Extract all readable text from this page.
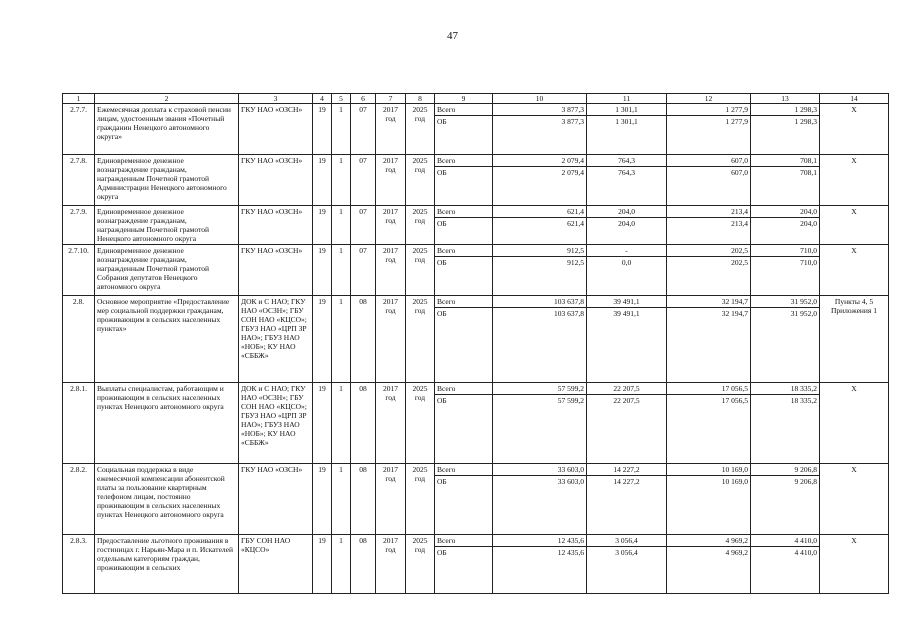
47
1	2	3	4	5	6	7	8	9	10	11	12	13	14
2.7.7.	Ежемесячная доплата к страховой пенсии лицам, удостоенным звания «Почетный гражданин Ненецкого автономного округа»	ГКУ НАО «ОЗСН»	19	1	07	2017 год	2025 год	Всего	3 877,3	1 301,1	1 277,9	1 298,3	Х
								ОБ	3 877,3	1 301,1	1 277,9	1 298,3	
2.7.8.	Единовременное денежное вознаграждение гражданам, награжденным Почетной грамотой Администрации Ненецкого автономного округа	ГКУ НАО «ОЗСН»	19	1	07	2017 год	2025 год	Всего	2 079,4	764,3	607,0	708,1	Х
								ОБ	2 079,4	764,3	607,0	708,1	
2.7.9.	Единовременное денежное вознаграждение гражданам, награжденным Почетной грамотой Ненецкого автономного округа	ГКУ НАО «ОЗСН»	19	1	07	2017 год	2025 год	Всего	621,4	204,0	213,4	204,0	Х
								ОБ	621,4	204,0	213,4	204,0	
2.7.10.	Единовременное денежное вознаграждение гражданам, награжденным Почетной грамотой Собрания депутатов Ненецкого автономного округа	ГКУ НАО «ОЗСН»	19	1	07	2017 год	2025 год	Всего	912,5	-	202,5	710,0	Х
								ОБ	912,5	0,0	202,5	710,0	
2.8.	Основное мероприятие «Предоставление мер социальной поддержки гражданам, проживающим в сельских населенных пунктах»	ДОК и С НАО; ГКУ НАО «ОСЗН»; ГБУ СОН НАО «КЦСО»; ГБУЗ НАО «ЦРП ЗР НАО»; ГБУЗ НАО «НОБ»; КУ НАО «СББЖ»	19	1	08	2017 год	2025 год	Всего	103 637,8	39 491,1	32 194,7	31 952,0	Пункты 4, 5 Приложения 1
								ОБ	103 637,8	39 491,1	32 194,7	31 952,0	
2.8.1.	Выплаты специалистам, работающим и проживающим в сельских населенных пунктах Ненецкого автономного округа	ДОК и С НАО; ГКУ НАО «ОСЗН»; ГБУ СОН НАО «КЦСО»; ГБУЗ НАО «ЦРП ЗР НАО»; ГБУЗ НАО «НОБ»; КУ НАО «СББЖ»	19	1	08	2017 год	2025 год	Всего	57 599,2	22 207,5	17 056,5	18 335,2	Х
								ОБ	57 599,2	22 207,5	17 056,5	18 335,2	
2.8.2.	Социальная поддержка в виде ежемесячной компенсации абонентской платы за пользование квартирным телефоном лицам, постоянно проживающим в сельских населенных пунктах Ненецкого автономного округа	ГКУ НАО «ОЗСН»	19	1	08	2017 год	2025 год	Всего	33 603,0	14 227,2	10 169,0	9 206,8	Х
								ОБ	33 603,0	14 227,2	10 169,0	9 206,8	
2.8.3.	Предоставление льготного проживания в гостиницах г. Нарьян-Мара и п. Искателей отдельным категориям граждан, проживающим в сельских	ГБУ СОН НАО «КЦСО»	19	1	08	2017 год	2025 год	Всего	12 435,6	3 056,4	4 969,2	4 410,0	Х
								ОБ	12 435,6	3 056,4	4 969,2	4 410,0	
